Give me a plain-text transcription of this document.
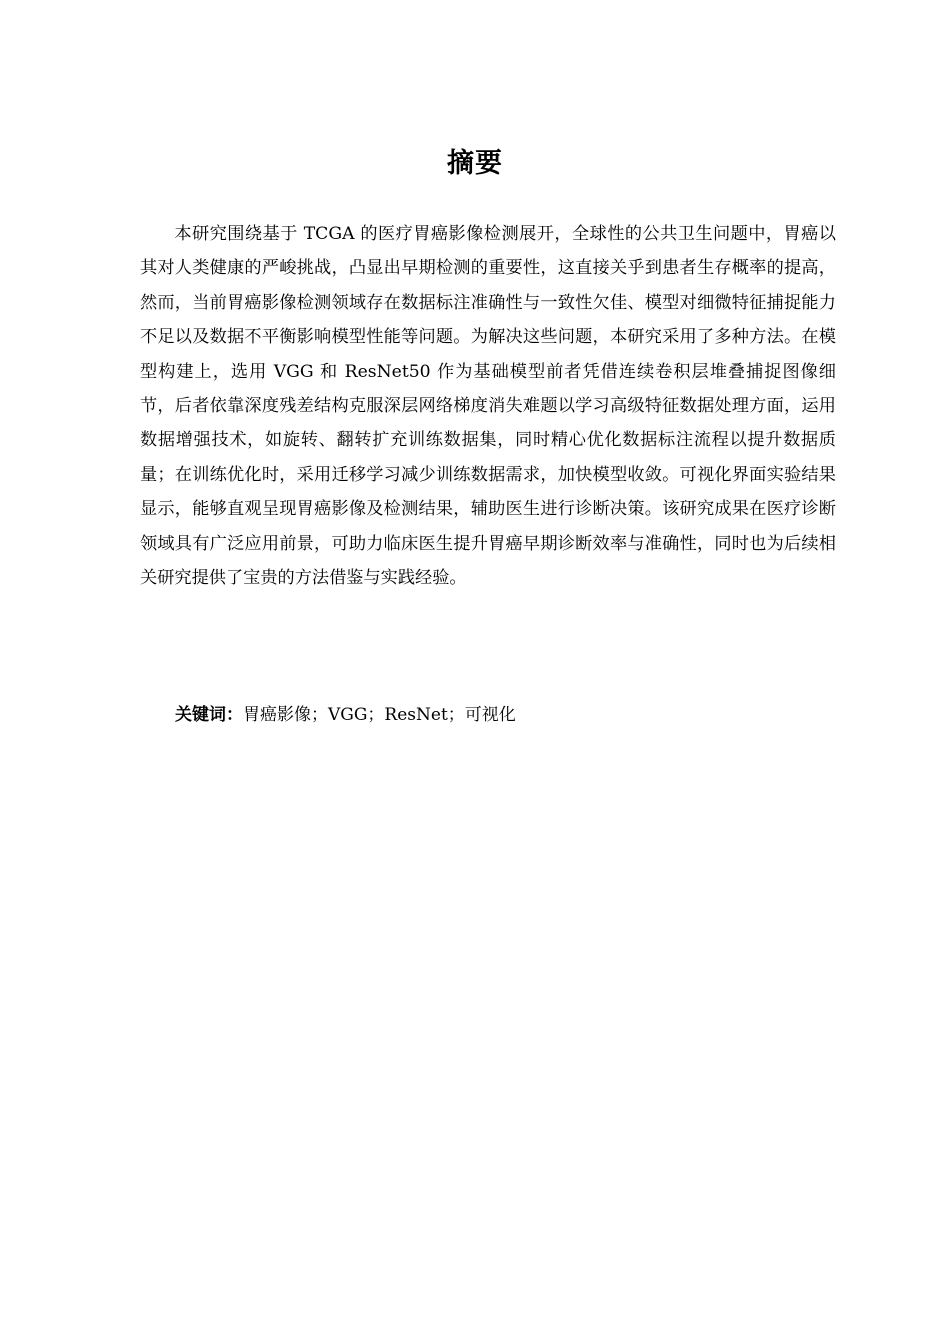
摘要

本研究围绕基于 TCGA 的医疗胃癌影像检测展开，全球性的公共卫生问题中，胃癌以其对人类健康的严峻挑战，凸显出早期检测的重要性，这直接关乎到患者生存概率的提高，然而，当前胃癌影像检测领域存在数据标注准确性与一致性欠佳、模型对细微特征捕捉能力不足以及数据不平衡影响模型性能等问题。为解决这些问题，本研究采用了多种方法。在模型构建上，选用 VGG 和 ResNet50 作为基础模型前者凭借连续卷积层堆叠捕捉图像细节，后者依靠深度残差结构克服深层网络梯度消失难题以学习高级特征数据处理方面，运用数据增强技术，如旋转、翻转扩充训练数据集，同时精心优化数据标注流程以提升数据质量；在训练优化时，采用迁移学习减少训练数据需求，加快模型收敛。可视化界面实验结果显示，能够直观呈现胃癌影像及检测结果，辅助医生进行诊断决策。该研究成果在医疗诊断领域具有广泛应用前景，可助力临床医生提升胃癌早期诊断效率与准确性，同时也为后续相关研究提供了宝贵的方法借鉴与实践经验。

关键词：胃癌影像；VGG；ResNet；可视化
